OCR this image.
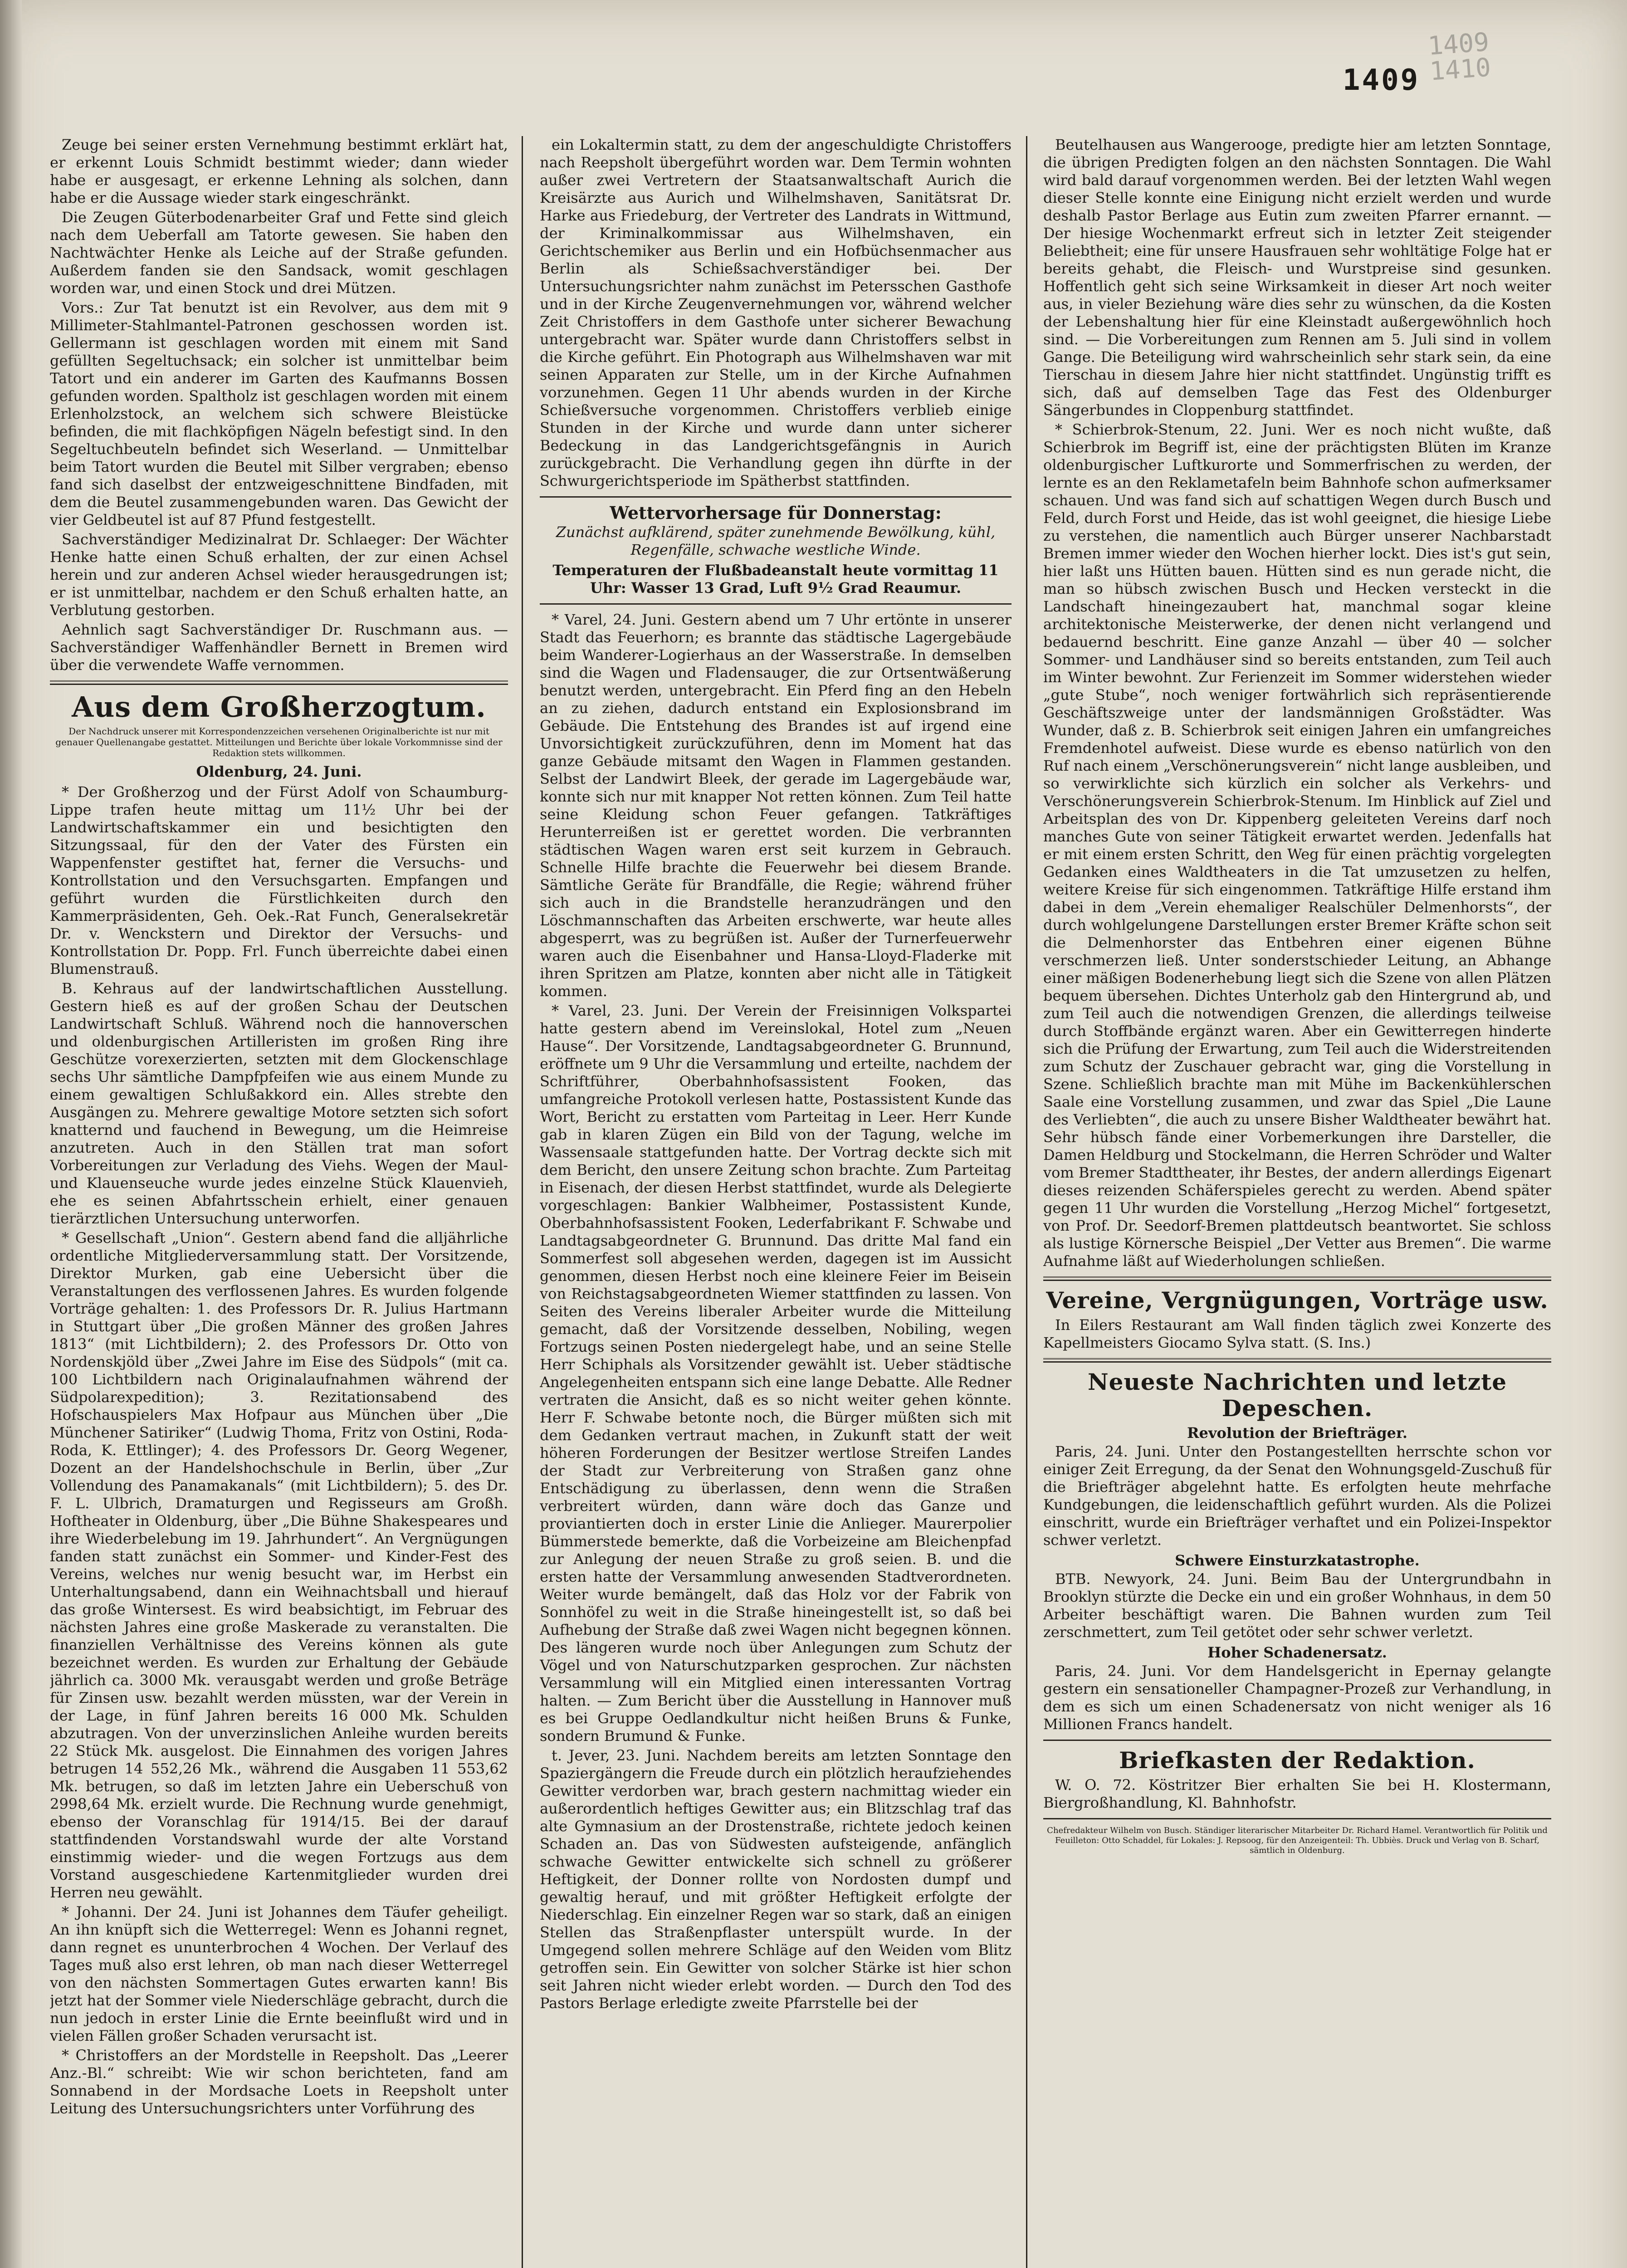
1409
1409
1410

Zeuge bei seiner ersten Vernehmung bestimmt erklärt hat, er erkennt Louis Schmidt bestimmt wieder; dann wieder habe er ausgesagt, er erkenne Lehning als solchen, dann habe er die Aussage wieder stark eingeschränkt.

Die Zeugen Güterbodenarbeiter Graf und Fette sind gleich nach dem Ueberfall am Tatorte gewesen. Sie haben den Nachtwächter Henke als Leiche auf der Straße gefunden. Außerdem fanden sie den Sandsack, womit geschlagen worden war, und einen Stock und drei Mützen.

Vors.: Zur Tat benutzt ist ein Revolver, aus dem mit 9 Millimeter-Stahlmantel-Patronen geschossen worden ist. Gellermann ist geschlagen worden mit einem mit Sand gefüllten Segeltuchsack; ein solcher ist unmittelbar beim Tatort und ein anderer im Garten des Kaufmanns Bossen gefunden worden. Spaltholz ist geschlagen worden mit einem Erlenholzstock, an welchem sich schwere Bleistücke befinden, die mit flachköpfigen Nägeln befestigt sind. In den Segeltuchbeuteln befindet sich Weserland. — Unmittelbar beim Tatort wurden die Beutel mit Silber vergraben; ebenso fand sich daselbst der entzweigeschnittene Bindfaden, mit dem die Beutel zusammengebunden waren. Das Gewicht der vier Geldbeutel ist auf 87 Pfund festgestellt.

Sachverständiger Medizinalrat Dr. Schlaeger: Der Wächter Henke hatte einen Schuß erhalten, der zur einen Achsel herein und zur anderen Achsel wieder herausgedrungen ist; er ist unmittelbar, nachdem er den Schuß erhalten hatte, an Verblutung gestorben.

Aehnlich sagt Sachverständiger Dr. Ruschmann aus. — Sachverständiger Waffenhändler Bernett in Bremen wird über die verwendete Waffe vernommen.

Aus dem Großherzogtum.
Der Nachdruck unserer mit Korrespondenzzeichen versehenen Originalberichte ist nur mit genauer Quellenangabe gestattet. Mitteilungen und Berichte über lokale Vorkommnisse sind der Redaktion stets willkommen.
Oldenburg, 24. Juni.

* Der Großherzog und der Fürst Adolf von Schaumburg-Lippe trafen heute mittag um 11½ Uhr bei der Landwirtschaftskammer ein und besichtigten den Sitzungssaal, für den der Vater des Fürsten ein Wappenfenster gestiftet hat, ferner die Versuchs- und Kontrollstation und den Versuchsgarten. Empfangen und geführt wurden die Fürstlichkeiten durch den Kammerpräsidenten, Geh. Oek.-Rat Funch, Generalsekretär Dr. v. Wenckstern und Direktor der Versuchs- und Kontrollstation Dr. Popp. Frl. Funch überreichte dabei einen Blumenstrauß.

B. Kehraus auf der landwirtschaftlichen Ausstellung. Gestern hieß es auf der großen Schau der Deutschen Landwirtschaft Schluß. Während noch die hannoverschen und oldenburgischen Artilleristen im großen Ring ihre Geschütze vorexerzierten, setzten mit dem Glockenschlage sechs Uhr sämtliche Dampfpfeifen wie aus einem Munde zu einem gewaltigen Schlußakkord ein. Alles strebte den Ausgängen zu. Mehrere gewaltige Motore setzten sich sofort knatternd und fauchend in Bewegung, um die Heimreise anzutreten. Auch in den Ställen trat man sofort Vorbereitungen zur Verladung des Viehs. Wegen der Maul- und Klauenseuche wurde jedes einzelne Stück Klauenvieh, ehe es seinen Abfahrtsschein erhielt, einer genauen tierärztlichen Untersuchung unterworfen.

* Gesellschaft „Union“. Gestern abend fand die alljährliche ordentliche Mitgliederversammlung statt. Der Vorsitzende, Direktor Murken, gab eine Uebersicht über die Veranstaltungen des verflossenen Jahres. Es wurden folgende Vorträge gehalten: 1. des Professors Dr. R. Julius Hartmann in Stuttgart über „Die großen Männer des großen Jahres 1813“ (mit Lichtbildern); 2. des Professors Dr. Otto von Nordenskjöld über „Zwei Jahre im Eise des Südpols“ (mit ca. 100 Lichtbildern nach Originalaufnahmen während der Südpolarexpedition); 3. Rezitationsabend des Hofschauspielers Max Hofpaur aus München über „Die Münchener Satiriker“ (Ludwig Thoma, Fritz von Ostini, Roda-Roda, K. Ettlinger); 4. des Professors Dr. Georg Wegener, Dozent an der Handelshochschule in Berlin, über „Zur Vollendung des Panamakanals“ (mit Lichtbildern); 5. des Dr. F. L. Ulbrich, Dramaturgen und Regisseurs am Großh. Hoftheater in Oldenburg, über „Die Bühne Shakespeares und ihre Wiederbelebung im 19. Jahrhundert“. An Vergnügungen fanden statt zunächst ein Sommer- und Kinder-Fest des Vereins, welches nur wenig besucht war, im Herbst ein Unterhaltungsabend, dann ein Weihnachtsball und hierauf das große Wintersest. Es wird beabsichtigt, im Februar des nächsten Jahres eine große Maskerade zu veranstalten. Die finanziellen Verhältnisse des Vereins können als gute bezeichnet werden. Es wurden zur Erhaltung der Gebäude jährlich ca. 3000 Mk. verausgabt werden und große Beträge für Zinsen usw. bezahlt werden müssten, war der Verein in der Lage, in fünf Jahren bereits 16 000 Mk. Schulden abzutragen. Von der unverzinslichen Anleihe wurden bereits 22 Stück Mk. ausgelost. Die Einnahmen des vorigen Jahres betrugen 14 552,26 Mk., während die Ausgaben 11 553,62 Mk. betrugen, so daß im letzten Jahre ein Ueberschuß von 2998,64 Mk. erzielt wurde. Die Rechnung wurde genehmigt, ebenso der Voranschlag für 1914/15. Bei der darauf stattfindenden Vorstandswahl wurde der alte Vorstand einstimmig wieder- und die wegen Fortzugs aus dem Vorstand ausgeschiedene Kartenmitglieder wurden drei Herren neu gewählt.

* Johanni. Der 24. Juni ist Johannes dem Täufer geheiligt. An ihn knüpft sich die Wetterregel: Wenn es Johanni regnet, dann regnet es ununterbrochen 4 Wochen. Der Verlauf des Tages muß also erst lehren, ob man nach dieser Wetterregel von den nächsten Sommertagen Gutes erwarten kann! Bis jetzt hat der Sommer viele Niederschläge gebracht, durch die nun jedoch in erster Linie die Ernte beeinflußt wird und in vielen Fällen großer Schaden verursacht ist.

* Christoffers an der Mordstelle in Reepsholt. Das „Leerer Anz.-Bl.“ schreibt: Wie wir schon berichteten, fand am Sonnabend in der Mordsache Loets in Reepsholt unter Leitung des Untersuchungsrichters unter Vorführung des

ein Lokaltermin statt, zu dem der angeschuldigte Christoffers nach Reepsholt übergeführt worden war. Dem Termin wohnten außer zwei Vertretern der Staatsanwaltschaft Aurich die Kreisärzte aus Aurich und Wilhelmshaven, Sanitätsrat Dr. Harke aus Friedeburg, der Vertreter des Landrats in Wittmund, der Kriminalkommissar aus Wilhelmshaven, ein Gerichtschemiker aus Berlin und ein Hofbüchsenmacher aus Berlin als Schießsachverständiger bei. Der Untersuchungsrichter nahm zunächst im Petersschen Gasthofe und in der Kirche Zeugenvernehmungen vor, während welcher Zeit Christoffers in dem Gasthofe unter sicherer Bewachung untergebracht war. Später wurde dann Christoffers selbst in die Kirche geführt. Ein Photograph aus Wilhelmshaven war mit seinen Apparaten zur Stelle, um in der Kirche Aufnahmen vorzunehmen. Gegen 11 Uhr abends wurden in der Kirche Schießversuche vorgenommen. Christoffers verblieb einige Stunden in der Kirche und wurde dann unter sicherer Bedeckung in das Landgerichtsgefängnis in Aurich zurückgebracht. Die Verhandlung gegen ihn dürfte in der Schwurgerichtsperiode im Spätherbst stattfinden.

Wettervorhersage für Donnerstag:
Zunächst aufklärend, später zunehmende Bewölkung, kühl, Regenfälle, schwache westliche Winde.
Temperaturen der Flußbadeanstalt heute vormittag 11 Uhr: Wasser 13 Grad, Luft 9½ Grad Reaumur.

* Varel, 24. Juni. Gestern abend um 7 Uhr ertönte in unserer Stadt das Feuerhorn; es brannte das städtische Lagergebäude beim Wanderer-Logierhaus an der Wasserstraße. In demselben sind die Wagen und Fladensauger, die zur Ortsentwäßerung benutzt werden, untergebracht. Ein Pferd fing an den Hebeln an zu ziehen, dadurch entstand ein Explosionsbrand im Gebäude. Die Entstehung des Brandes ist auf irgend eine Unvorsichtigkeit zurückzuführen, denn im Moment hat das ganze Gebäude mitsamt den Wagen in Flammen gestanden. Selbst der Landwirt Bleek, der gerade im Lagergebäude war, konnte sich nur mit knapper Not retten können. Zum Teil hatte seine Kleidung schon Feuer gefangen. Tatkräftiges Herunterreißen ist er gerettet worden. Die verbrannten städtischen Wagen waren erst seit kurzem in Gebrauch. Schnelle Hilfe brachte die Feuerwehr bei diesem Brande. Sämtliche Geräte für Brandfälle, die Regie; während früher sich auch in die Brandstelle heranzudrängen und den Löschmannschaften das Arbeiten erschwerte, war heute alles abgesperrt, was zu begrüßen ist. Außer der Turnerfeuerwehr waren auch die Eisenbahner und Hansa-Lloyd-Fladerke mit ihren Spritzen am Platze, konnten aber nicht alle in Tätigkeit kommen.

* Varel, 23. Juni. Der Verein der Freisinnigen Volkspartei hatte gestern abend im Vereinslokal, Hotel zum „Neuen Hause“. Der Vorsitzende, Landtagsabgeordneter G. Brunnund, eröffnete um 9 Uhr die Versammlung und erteilte, nachdem der Schriftführer, Oberbahnhofsassistent Fooken, das umfangreiche Protokoll verlesen hatte, Postassistent Kunde das Wort, Bericht zu erstatten vom Parteitag in Leer. Herr Kunde gab in klaren Zügen ein Bild von der Tagung, welche im Wassensaale stattgefunden hatte. Der Vortrag deckte sich mit dem Bericht, den unsere Zeitung schon brachte. Zum Parteitag in Eisenach, der diesen Herbst stattfindet, wurde als Delegierte vorgeschlagen: Bankier Walbheimer, Postassistent Kunde, Oberbahnhofsassistent Fooken, Lederfabrikant F. Schwabe und Landtagsabgeordneter G. Brunnund. Das dritte Mal fand ein Sommerfest soll abgesehen werden, dagegen ist im Aussicht genommen, diesen Herbst noch eine kleinere Feier im Beisein von Reichstagsabgeordneten Wiemer stattfinden zu lassen. Von Seiten des Vereins liberaler Arbeiter wurde die Mitteilung gemacht, daß der Vorsitzende desselben, Nobiling, wegen Fortzugs seinen Posten niedergelegt habe, und an seine Stelle Herr Schiphals als Vorsitzender gewählt ist. Ueber städtische Angelegenheiten entspann sich eine lange Debatte. Alle Redner vertraten die Ansicht, daß es so nicht weiter gehen könnte. Herr F. Schwabe betonte noch, die Bürger müßten sich mit dem Gedanken vertraut machen, in Zukunft statt der weit höheren Forderungen der Besitzer wertlose Streifen Landes der Stadt zur Verbreiterung von Straßen ganz ohne Entschädigung zu überlassen, denn wenn die Straßen verbreitert würden, dann wäre doch das Ganze und proviantierten doch in erster Linie die Anlieger. Maurerpolier Bümmerstede bemerkte, daß die Vorbeizeine am Bleichenpfad zur Anlegung der neuen Straße zu groß seien. B. und die ersten hatte der Versammlung anwesenden Stadtverordneten. Weiter wurde bemängelt, daß das Holz vor der Fabrik von Sonnhöfel zu weit in die Straße hineingestellt ist, so daß bei Aufhebung der Straße daß zwei Wagen nicht begegnen können. Des längeren wurde noch über Anlegungen zum Schutz der Vögel und von Naturschutzparken gesprochen. Zur nächsten Versammlung will ein Mitglied einen interessanten Vortrag halten. — Zum Bericht über die Ausstellung in Hannover muß es bei Gruppe Oedlandkultur nicht heißen Bruns & Funke, sondern Brumund & Funke.

t. Jever, 23. Juni. Nachdem bereits am letzten Sonntage den Spaziergängern die Freude durch ein plötzlich heraufziehendes Gewitter verdorben war, brach gestern nachmittag wieder ein außerordentlich heftiges Gewitter aus; ein Blitzschlag traf das alte Gymnasium an der Drostenstraße, richtete jedoch keinen Schaden an. Das von Südwesten aufsteigende, anfänglich schwache Gewitter entwickelte sich schnell zu größerer Heftigkeit, der Donner rollte von Nordosten dumpf und gewaltig herauf, und mit größter Heftigkeit erfolgte der Niederschlag. Ein einzelner Regen war so stark, daß an einigen Stellen das Straßenpflaster unterspült wurde. In der Umgegend sollen mehrere Schläge auf den Weiden vom Blitz getroffen sein. Ein Gewitter von solcher Stärke ist hier schon seit Jahren nicht wieder erlebt worden. — Durch den Tod des Pastors Berlage erledigte zweite Pfarrstelle bei der

Beutelhausen aus Wangerooge, predigte hier am letzten Sonntage, die übrigen Predigten folgen an den nächsten Sonntagen. Die Wahl wird bald darauf vorgenommen werden. Bei der letzten Wahl wegen dieser Stelle konnte eine Einigung nicht erzielt werden und wurde deshalb Pastor Berlage aus Eutin zum zweiten Pfarrer ernannt. — Der hiesige Wochenmarkt erfreut sich in letzter Zeit steigender Beliebtheit; eine für unsere Hausfrauen sehr wohltätige Folge hat er bereits gehabt, die Fleisch- und Wurstpreise sind gesunken. Hoffentlich geht sich seine Wirksamkeit in dieser Art noch weiter aus, in vieler Beziehung wäre dies sehr zu wünschen, da die Kosten der Lebenshaltung hier für eine Kleinstadt außergewöhnlich hoch sind. — Die Vorbereitungen zum Rennen am 5. Juli sind in vollem Gange. Die Beteiligung wird wahrscheinlich sehr stark sein, da eine Tierschau in diesem Jahre hier nicht stattfindet. Ungünstig trifft es sich, daß auf demselben Tage das Fest des Oldenburger Sängerbundes in Cloppenburg stattfindet.

* Schierbrok-Stenum, 22. Juni. Wer es noch nicht wußte, daß Schierbrok im Begriff ist, eine der prächtigsten Blüten im Kranze oldenburgischer Luftkurorte und Sommerfrischen zu werden, der lernte es an den Reklametafeln beim Bahnhofe schon aufmerksamer schauen. Und was fand sich auf schattigen Wegen durch Busch und Feld, durch Forst und Heide, das ist wohl geeignet, die hiesige Liebe zu verstehen, die namentlich auch Bürger unserer Nachbarstadt Bremen immer wieder den Wochen hierher lockt. Dies ist's gut sein, hier laßt uns Hütten bauen. Hütten sind es nun gerade nicht, die man so hübsch zwischen Busch und Hecken versteckt in die Landschaft hineingezaubert hat, manchmal sogar kleine architektonische Meisterwerke, der denen nicht verlangend und bedauernd beschritt. Eine ganze Anzahl — über 40 — solcher Sommer- und Landhäuser sind so bereits entstanden, zum Teil auch im Winter bewohnt. Zur Ferienzeit im Sommer widerstehen wieder „gute Stube“, noch weniger fortwährlich sich repräsentierende Geschäftszweige unter der landsmännigen Großstädter. Was Wunder, daß z. B. Schierbrok seit einigen Jahren ein umfangreiches Fremdenhotel aufweist. Diese wurde es ebenso natürlich von den Ruf nach einem „Verschönerungsverein“ nicht lange ausbleiben, und so verwirklichte sich kürzlich ein solcher als Verkehrs- und Verschönerungsverein Schierbrok-Stenum. Im Hinblick auf Ziel und Arbeitsplan des von Dr. Kippenberg geleiteten Vereins darf noch manches Gute von seiner Tätigkeit erwartet werden. Jedenfalls hat er mit einem ersten Schritt, den Weg für einen prächtig vorgelegten Gedanken eines Waldtheaters in die Tat umzusetzen zu helfen, weitere Kreise für sich eingenommen. Tatkräftige Hilfe erstand ihm dabei in dem „Verein ehemaliger Realschüler Delmenhorsts“, der durch wohlgelungene Darstellungen erster Bremer Kräfte schon seit die Delmenhorster das Entbehren einer eigenen Bühne verschmerzen ließ. Unter sonderstschieder Leitung, an Abhange einer mäßigen Bodenerhebung liegt sich die Szene von allen Plätzen bequem übersehen. Dichtes Unterholz gab den Hintergrund ab, und zum Teil auch die notwendigen Grenzen, die allerdings teilweise durch Stoffbände ergänzt waren. Aber ein Gewitterregen hinderte sich die Prüfung der Erwartung, zum Teil auch die Widerstreitenden zum Schutz der Zuschauer gebracht war, ging die Vorstellung in Szene. Schließlich brachte man mit Mühe im Backenkühlerschen Saale eine Vorstellung zusammen, und zwar das Spiel „Die Laune des Verliebten“, die auch zu unsere Bisher Waldtheater bewährt hat. Sehr hübsch fände einer Vorbemerkungen ihre Darsteller, die Damen Heldburg und Stockelmann, die Herren Schröder und Walter vom Bremer Stadttheater, ihr Bestes, der andern allerdings Eigenart dieses reizenden Schäferspieles gerecht zu werden. Abend später gegen 11 Uhr wurden die Vorstellung „Herzog Michel“ fortgesetzt, von Prof. Dr. Seedorf-Bremen plattdeutsch beantwortet. Sie schloss als lustige Körnersche Beispiel „Der Vetter aus Bremen“. Die warme Aufnahme läßt auf Wiederholungen schließen.

Vereine, Vergnügungen, Vorträge usw.

In Eilers Restaurant am Wall finden täglich zwei Konzerte des Kapellmeisters Giocamo Sylva statt. (S. Ins.)

Neueste Nachrichten und letzte Depeschen.
Revolution der Briefträger.

Paris, 24. Juni. Unter den Postangestellten herrschte schon vor einiger Zeit Erregung, da der Senat den Wohnungsgeld-Zuschuß für die Briefträger abgelehnt hatte. Es erfolgten heute mehrfache Kundgebungen, die leidenschaftlich geführt wurden. Als die Polizei einschritt, wurde ein Briefträger verhaftet und ein Polizei-Inspektor schwer verletzt.

Schwere Einsturzkatastrophe.

BTB. Newyork, 24. Juni. Beim Bau der Untergrundbahn in Brooklyn stürzte die Decke ein und ein großer Wohnhaus, in dem 50 Arbeiter beschäftigt waren. Die Bahnen wurden zum Teil zerschmettert, zum Teil getötet oder sehr schwer verletzt.

Hoher Schadenersatz.

Paris, 24. Juni. Vor dem Handelsgericht in Epernay gelangte gestern ein sensationeller Champagner-Prozeß zur Verhandlung, in dem es sich um einen Schadenersatz von nicht weniger als 16 Millionen Francs handelt.

Briefkasten der Redaktion.

W. O. 72. Köstritzer Bier erhalten Sie bei H. Klostermann, Biergroßhandlung, Kl. Bahnhofstr.

Chefredakteur Wilhelm von Busch. Ständiger literarischer Mitarbeiter Dr. Richard Hamel. Verantwortlich für Politik und Feuilleton: Otto Schaddel, für Lokales: J. Repsoog, für den Anzeigenteil: Th. Ubbiès. Druck und Verlag von B. Scharf, sämtlich in Oldenburg.
